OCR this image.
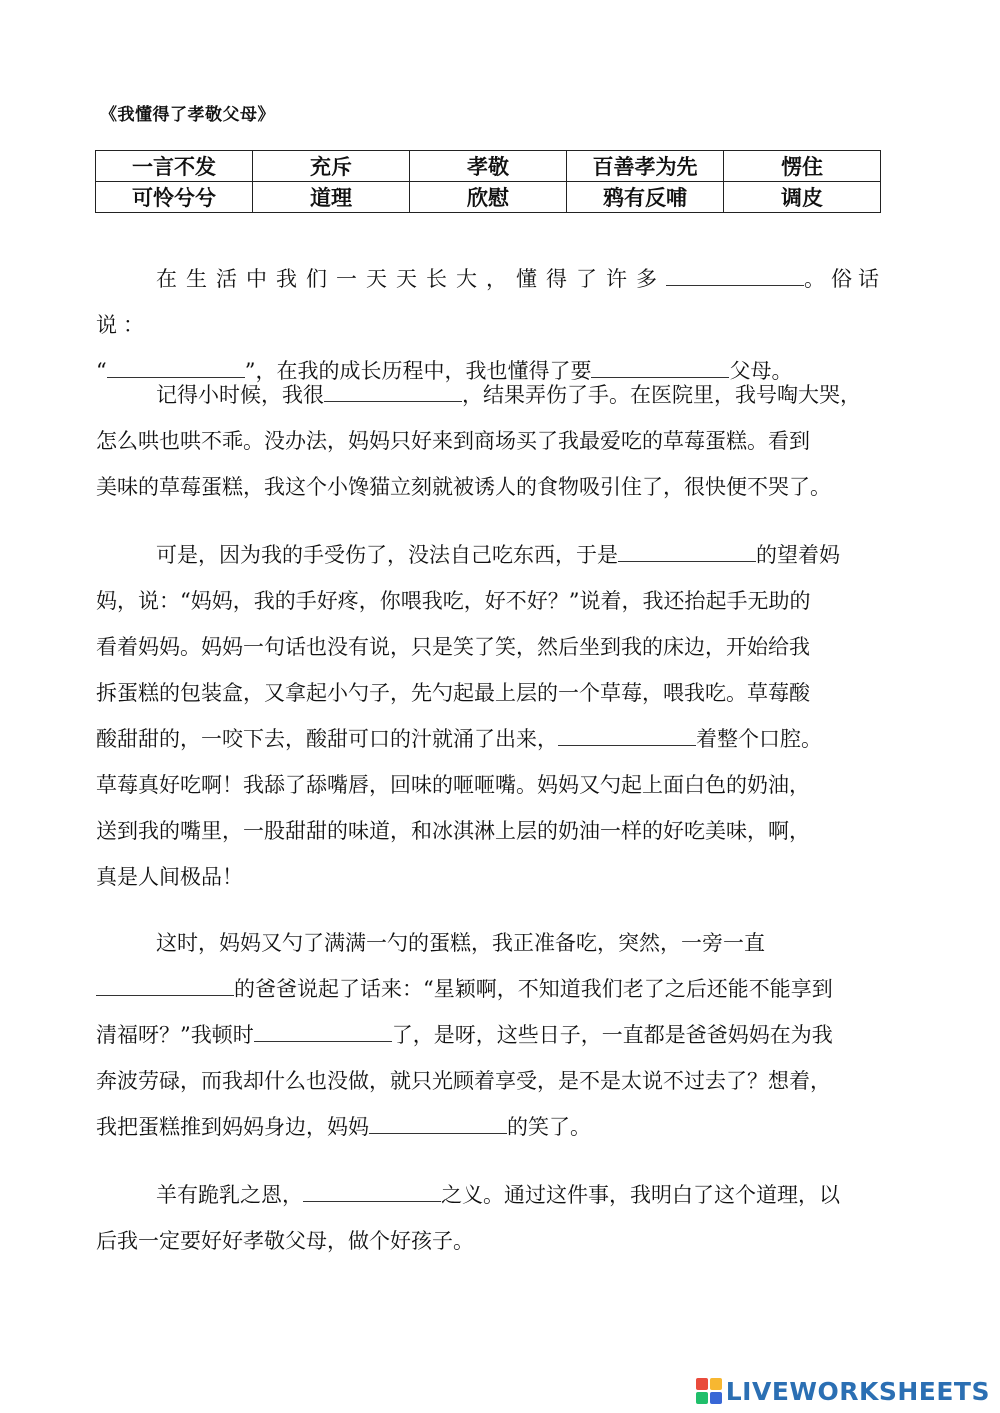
《我懂得了孝敬父母》
一言不发	充斥	孝敬	百善孝为先	愣住
可怜兮兮	道理	欣慰	鸦有反哺	调皮
在生活中我们一天天长大，懂得了许多	。俗话说：
“	”，在我的成长历程中，我也懂得了要	父母。
记得小时候，我很	，结果弄伤了手。在医院里，我号啕大哭，
怎么哄也哄不乖。没办法，妈妈只好来到商场买了我最爱吃的草莓蛋糕。看到
美味的草莓蛋糕，我这个小馋猫立刻就被诱人的食物吸引住了，很快便不哭了。
可是，因为我的手受伤了，没法自己吃东西，于是	的望着妈
妈，说：“妈妈，我的手好疼，你喂我吃，好不好？”说着，我还抬起手无助的
看着妈妈。妈妈一句话也没有说，只是笑了笑，然后坐到我的床边，开始给我
拆蛋糕的包装盒，又拿起小勺子，先勺起最上层的一个草莓，喂我吃。草莓酸
酸甜甜的，一咬下去，酸甜可口的汁就涌了出来，	着整个口腔。
草莓真好吃啊！我舔了舔嘴唇，回味的咂咂嘴。妈妈又勺起上面白色的奶油，
送到我的嘴里，一股甜甜的味道，和冰淇淋上层的奶油一样的好吃美味，啊，
真是人间极品！
这时，妈妈又勺了满满一勺的蛋糕，我正准备吃，突然，一旁一直
的爸爸说起了话来：“星颖啊，不知道我们老了之后还能不能享到
清福呀？”我顿时	了，是呀，这些日子，一直都是爸爸妈妈在为我
奔波劳碌，而我却什么也没做，就只光顾着享受，是不是太说不过去了？想着，
我把蛋糕推到妈妈身边，妈妈	的笑了。
羊有跪乳之恩，	之义。通过这件事，我明白了这个道理，以
后我一定要好好孝敬父母，做个好孩子。
LIVEWORKSHEETS
